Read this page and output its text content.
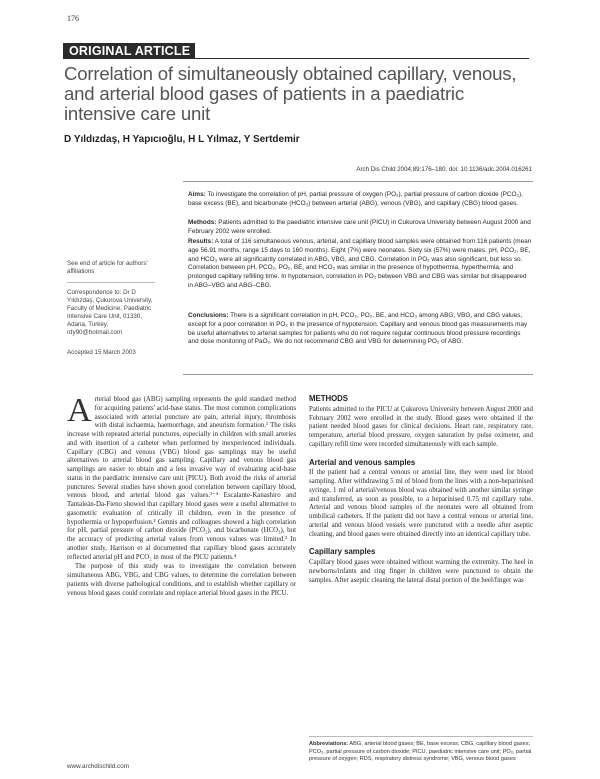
176
ORIGINAL ARTICLE
Correlation of simultaneously obtained capillary, venous, and arterial blood gases of patients in a paediatric intensive care unit
D Yıldızdaş, H Yapıcıoğlu, H L Yılmaz, Y Sertdemir
Arch Dis Child 2004;89:176–180. doi: 10.1136/adc.2004.016261
Aims: To investigate the correlation of pH, partial pressure of oxygen (PO₂), partial pressure of carbon dioxide (PCO₂), base excess (BE), and bicarbonate (HCO₃) between arterial (ABG), venous (VBG), and capillary (CBG) blood gases.
Methods: Patients admitted to the paediatric intensive care unit (PICU) in Cukurova University between August 2000 and February 2002 were enrolled.
Results: A total of 116 simultaneous venous, arterial, and capillary blood samples were obtained from 116 patients (mean age 56.91 months, range 15 days to 160 months). Eight (7%) were neonates. Sixty six (57%) were males. pH, PCO₂, BE, and HCO₃ were all significantly correlated in ABG, VBG, and CBG. Correlation in PO₂ was also significant, but less so. Correlation between pH, PCO₂, PO₂, BE, and HCO₃ was similar in the presence of hypothermia, hyperthermia, and prolonged capillary refilling time. In hypotension, correlation in PO₂ between VBG and CBG was similar but disappeared in ABG–VBG and ABG–CBG.
Conclusions: There is a significant correlation in pH, PCO₂, PO₂, BE, and HCO₃ among ABG, VBG, and CBG values, except for a poor correlation in PO₂ in the presence of hypotension. Capillary and venous blood gas measurements may be useful alternatives to arterial samples for patients who do not require regular continuous blood pressure recordings and dose monitoring of PaO₂. We do not recommend CBG and VBG for determining PO₂ of ABG.
See end of article for authors' affiliations
Correspondence to: Dr D Yıldızdaş, Çukurova University, Faculty of Medicine, Paediatric Intensive Care Unit, 01330, Adana, Turkey; rdy90@hotmail.com
Accepted 15 March 2003

Arterial blood gas (ABG) sampling represents the gold standard method for acquiring patients' acid-base status. The most common complications associated with arterial puncture are pain, arterial injury, thrombosis with distal ischaemia, haemorrhage, and aneurism formation.¹ The risks increase with repeated arterial punctures, especially in children with small arteries and with insertion of a catheter when performed by inexperienced individuals. Capillary (CBG) and venous (VBG) blood gas samplings may be useful alternatives to arterial blood gas sampling. Capillary and venous blood gas samplings are easier to obtain and a less invasive way of evaluating acid-base status in the paediatric intensive care unit (PICU). Both avoid the risks of arterial punctures. Several studies have shown good correlation between capillary blood, venous blood, and arterial blood gas values.²⁻⁴ Escalante-Kanashiro and Tantaleán-Da-Fieno showed that capillary blood gases were a useful alternative to gasometric evaluation of critically ill children, even in the presence of hypothermia or hypoperfusion.² Gennis and colleagues showed a high correlation for pH, partial pressure of carbon dioxide (PCO₂), and bicarbonate (HCO₃), but the accuracy of predicting arterial values from venous values was limited.³ In another study, Harrison et al documented that capillary blood gases accurately reflected arterial pH and PCO₂ in most of the PICU patients.⁴

The purpose of this study was to investigate the correlation between simultaneous ABG, VBG, and CBG values, to determine the correlation between patients with diverse pathological conditions, and to establish whether capillary or venous blood gases could correlate and replace arterial blood gases in the PICU.

METHODS

Patients admitted to the PICU at Çukurova University between August 2000 and February 2002 were enrolled in the study. Blood gases were obtained if the patient needed blood gases for clinical decisions. Heart rate, respiratory rate, temperature, arterial blood pressure, oxygen saturation by pulse oximeter, and capillary refill time were recorded simultaneously with each sample.

Arterial and venous samples

If the patient had a central venous or arterial line, they were used for blood sampling. After withdrawing 5 ml of blood from the lines with a non-heparinised syringe, 1 ml of arterial/venous blood was obtained with another similar syringe and transferred, as soon as possible, to a heparinised 0.75 ml capillary tube. Arterial and venous blood samples of the neonates were all obtained from umbilical catheters. If the patient did not have a central venous or arterial line, arterial and venous blood vessels were punctured with a needle after aseptic cleaning, and blood gases were obtained directly into an identical capillary tube.

Capillary samples

Capillary blood gases were obtained without warming the extremity. The heel in newborns/infants and ring finger in children were punctured to obtain the samples. After aseptic cleaning the lateral distal portion of the heel/finger was

Abbreviations: ABG, arterial blood gases; BE, base excess; CBG, capillary blood gases; PCO₂, partial pressure of carbon dioxide; PICU, paediatric intensive care unit; PO₂, partial pressure of oxygen; RDS, respiratory distress syndrome; VBG, venous blood gases
www.archdischild.com
